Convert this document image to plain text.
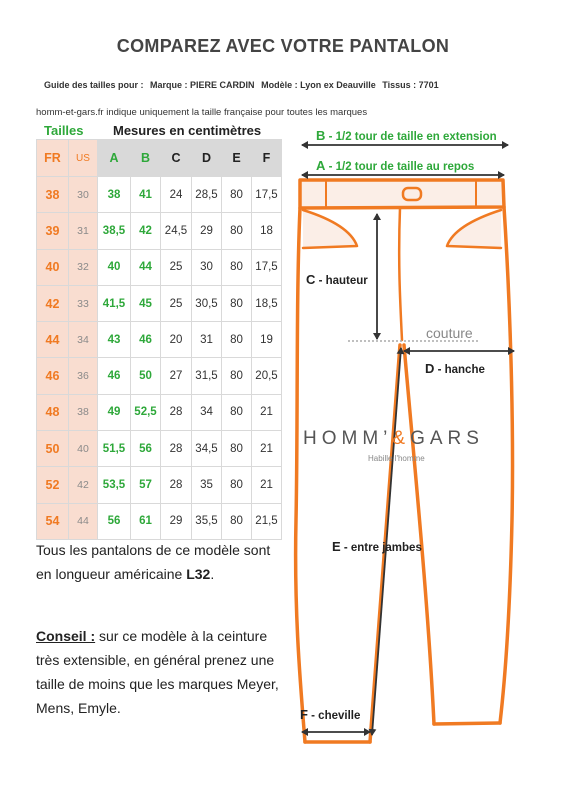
COMPAREZ AVEC VOTRE PANTALON
Guide des tailles pour : Marque : PIERE CARDIN Modèle : Lyon ex Deauville Tissus : 7701
homm-et-gars.fr indique uniquement la taille française pour toutes les marques
Tailles Mesures en centimètres
FR	US	A	B	C	D	E	F
38	30	38	41	24	28,5	80	17,5
39	31	38,5	42	24,5	29	80	18
40	32	40	44	25	30	80	17,5
42	33	41,5	45	25	30,5	80	18,5
44	34	43	46	20	31	80	19
46	36	46	50	27	31,5	80	20,5
48	38	49	52,5	28	34	80	21
50	40	51,5	56	28	34,5	80	21
52	42	53,5	57	28	35	80	21
54	44	56	61	29	35,5	80	21,5
Tous les pantalons de ce modèle sont en longueur américaine L32.
Conseil : sur ce modèle à la ceinture très extensible, en général prenez une taille de moins que les marques Meyer, Mens, Emyle.
B - 1/2 tour de taille en extension
A - 1/2 tour de taille au repos
C - hauteur
couture
D - hanche
HOMM’&GARS
Habille l'homme
E - entre jambes
F - cheville
